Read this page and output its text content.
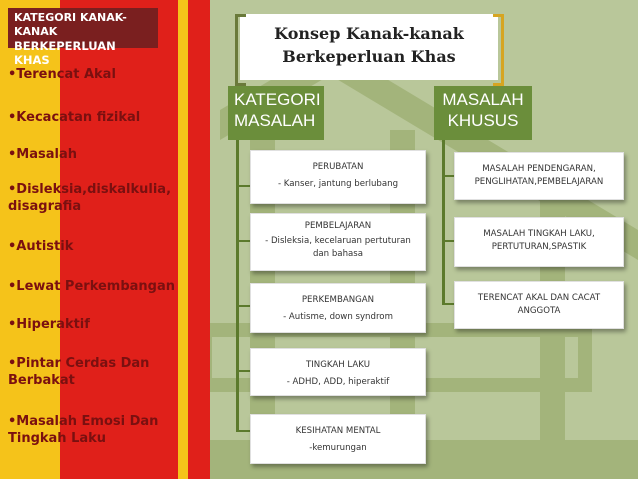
KATEGORI KANAK-KANAK
BERKEPERLUAN KHAS
•Terencat Akal
•Kecacatan fizikal
•Masalah
•Disleksia,diskalkulia,
disagrafia
•Autistik
•Lewat Perkembangan
•Hiperaktif
•Pintar Cerdas Dan
Berbakat
•Masalah Emosi Dan
Tingkah Laku
Konsep Kanak-kanak
Berkeperluan Khas
KATEGORI
MASALAH
MASALAH
KHUSUS
PERUBATAN
- Kanser, jantung berlubang
PEMBELAJARAN
- Disleksia, kecelaruan pertuturan
dan bahasa
PERKEMBANGAN
- Autisme, down syndrom
TINGKAH LAKU
- ADHD, ADD, hiperaktif
KESIHATAN MENTAL
-kemurungan
MASALAH PENDENGARAN,
PENGLIHATAN,PEMBELAJARAN
MASALAH TINGKAH LAKU,
PERTUTURAN,SPASTIK
TERENCAT AKAL DAN CACAT
ANGGOTA
